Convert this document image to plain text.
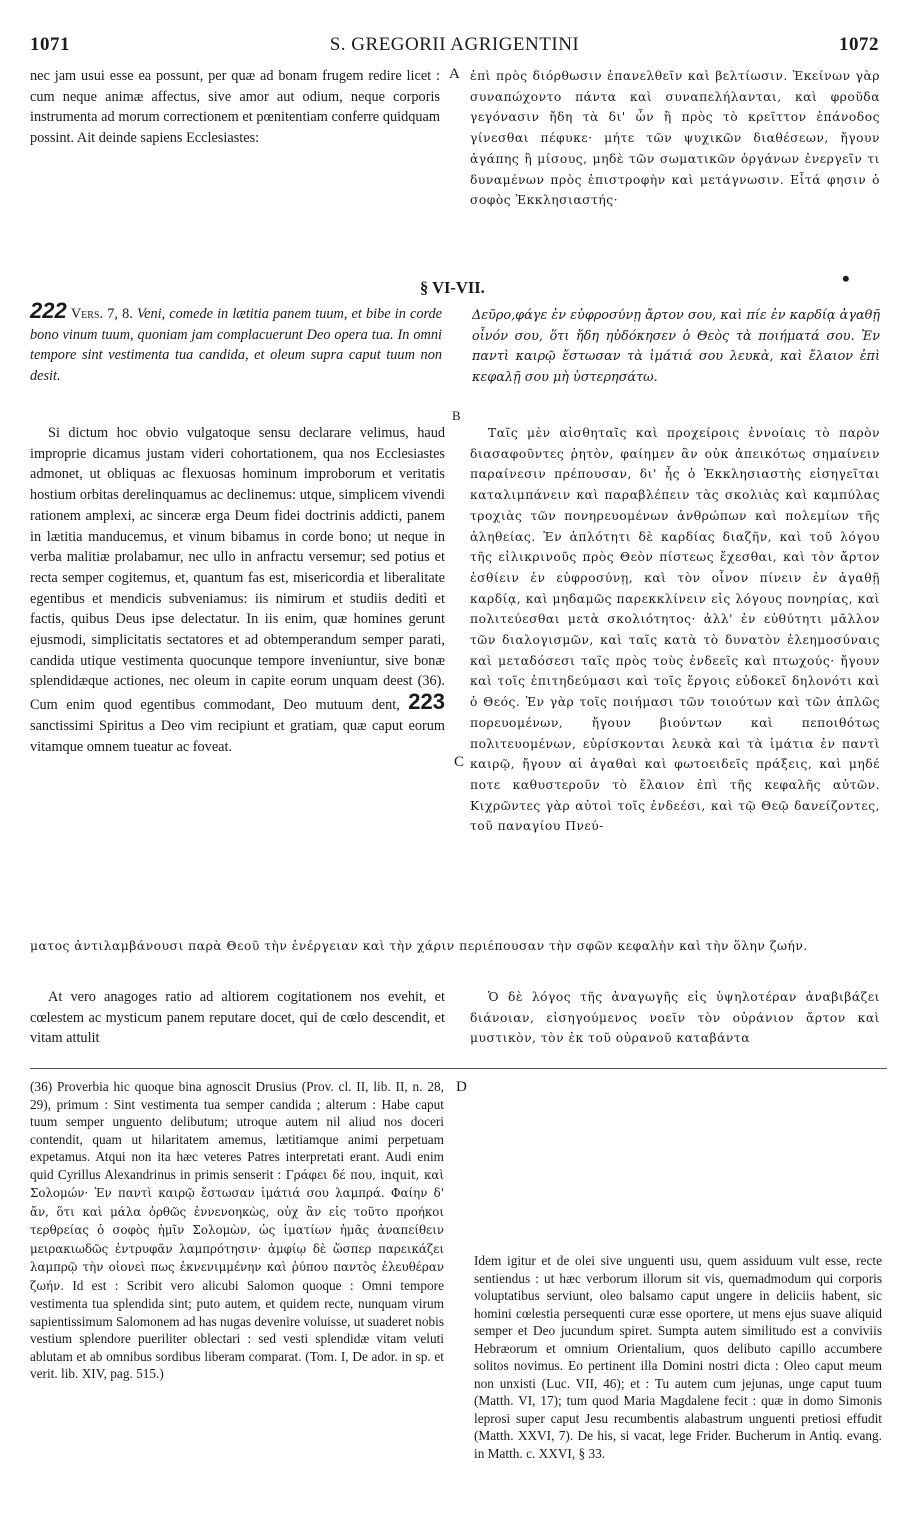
1071	S. GREGORII AGRIGENTINI	1072

nec jam usui esse ea possunt, per quæ ad bonam frugem redire licet : cum neque animæ affectus, sive amor aut odium, neque corporis instrumenta ad morum correctionem et pœnitentiam conferre quidquam possint. Ait deinde sapiens Ecclesiastes:

A ἐπὶ πρὸς διόρθωσιν ἐπανελθεῖν καὶ βελτίωσιν. Ἐκείνων γὰρ συναπώχοντο πάντα καὶ συναπελήλανται, καὶ φροῦδα γεγόνασιν ἤδη τὰ δι' ὧν ἢ πρὸς τὸ κρεῖττον ἐπάνοδος γίνεσθαι πέφυκε· μήτε τῶν ψυχικῶν διαθέσεων, ἤγουν ἀγάπης ἢ μίσους, μηδὲ τῶν σωματικῶν ὀργάνων ἐνεργεῖν τι δυναμένων πρὸς ἐπιστροφὴν καὶ μετάγνωσιν. Εἶτά φησιν ὁ σοφὸς Ἐκκλησιαστής·

§ VI-VII.	•

222 Vers. 7, 8. Veni, comede in lætitia panem tuum, et bibe in corde bono vinum tuum, quoniam jam complacuerunt Deo opera tua. In omni tempore sint vestimenta tua candida, et oleum supra caput tuum non desit.

Δεῦρο,φάγε ἐν εὐφροσύνῃ ἄρτον σου, καὶ πίε ἐν καρδίᾳ ἀγαθῇ οἶνόν σου, ὅτι ἤδη ηὐδόκησεν ὁ Θεὸς τὰ ποιήματά σου. Ἐν παντὶ καιρῷ ἔστωσαν τὰ ἱμάτιά σου λευκὰ, καὶ ἔλαιον ἐπὶ κεφαλῇ σου μὴ ὑστερησάτω.

B

Si dictum hoc obvio vulgatoque sensu declarare velimus, haud improprie dicamus justam videri cohortationem, qua nos Ecclesiastes admonet, ut obliquas ac flexuosas hominum improborum et veritatis hostium orbitas derelinquamus ac declinemus: utque, simplicem vivendi rationem amplexi, ac sinceræ erga Deum fidei doctrinis addicti, panem in lætitia manducemus, et vinum bibamus in corde bono; ut neque in verba malitiæ prolabamur, nec ullo in anfractu versemur; sed potius et recta semper cogitemus, et, quantum fas est, misericordia et liberalitate egentibus et mendicis subveniamus: iis nimirum et studiis deditì et factis, quibus Deus ipse delectatur. In iis enim, quæ homines gerunt ejusmodi, simplicitatis sectatores et ad obtemperandum semper parati, candida utique vestimenta quocunque tempore inveniuntur, sive bonæ splendidæque actiones, nec oleum in capite eorum unquam deest (36). Cum enim quod egentibus commodant, Deo mutuum dent, 223 sanctissimi Spiritus a Deo vim recipiunt et gratiam, quæ caput eorum vitamque omnem tueatur ac foveat.

Ταῖς μὲν αἰσθηταῖς καὶ προχείροις ἐννοίαις τὸ παρὸν διασαφοῦντες ῥητὸν, φαίημεν ἂν οὐκ ἀπεικότως σημαίνειν παραίνεσιν πρέπουσαν, δι' ἧς ὁ Ἐκκλησιαστὴς εἰσηγεῖται καταλιμπάνειν καὶ παραβλέπειν τὰς σκολιὰς καὶ καμπύλας τροχιὰς τῶν πονηρευομένων ἀνθρώπων καὶ πολεμίων τῆς ἀληθείας. Ἐν ἁπλότητι δὲ καρδίας διαζῆν, καὶ τοῦ λόγου τῆς εἰλικρινοῦς πρὸς Θεὸν πίστεως ἔχεσθαι, καὶ τὸν ἄρτον ἐσθίειν ἐν εὐφροσύνῃ, καὶ τὸν οἶνον πίνειν ἐν ἀγαθῇ καρδίᾳ, καὶ μηδαμῶς παρεκκλίνειν εἰς λόγους πονηρίας, καὶ πολιτεύεσθαι μετὰ σκολιότητος· ἀλλ' ἐν εὐθύτητι μᾶλλον τῶν διαλογισμῶν, καὶ ταῖς κατὰ τὸ δυνατὸν ἐλεημοσύναις καὶ μεταδόσεσι ταῖς πρὸς τοὺς ἐνδεεῖς καὶ πτωχούς· ἤγουν καὶ τοῖς ἐπιτηδεύμασι καὶ τοῖς ἔργοις εὐδοκεῖ δηλονότι καὶ ὁ Θεός. Ἐν γὰρ τοῖς ποιήμασι τῶν τοιούτων καὶ τῶν ἁπλῶς πορευομένων, ἤγουν βιούντων καὶ πεποιθότως πολιτευομένων, εὑρίσκονται λευκὰ καὶ τὰ ἱμάτια ἐν παντὶ καιρῷ, ἤγουν αἱ ἀγαθαὶ καὶ φωτοειδεῖς πράξεις, καὶ μηδέ ποτε καθυστεροῦν τὸ ἔλαιον ἐπὶ τῆς κεφαλῆς αὐτῶν. Κιχρῶντες γὰρ αὐτοὶ τοῖς ἐνδεέσι, καὶ τῷ Θεῷ δανείζοντες, τοῦ παναγίου Πνεύ-

C

ματος ἀντιλαμβάνουσι παρὰ Θεοῦ τὴν ἐνέργειαν καὶ τὴν χάριν περιέπουσαν τὴν σφῶν κεφαλὴν καὶ τὴν ὅλην ζωήν.

At vero anagoges ratio ad altiorem cogitationem nos evehit, et cœlestem ac mysticum panem reputare docet, qui de cœlo descendit, et vitam attulit

Ὁ δὲ λόγος τῆς ἀναγωγῆς εἰς ὑψηλοτέραν ἀναβιβάζει διάνοιαν, εἰσηγούμενος νοεῖν τὸν οὐράνιον ἄρτον καὶ μυστικὸν, τὸν ἐκ τοῦ οὐρανοῦ καταβάντα

D

(36) Proverbia hic quoque bina agnoscit Drusius (Prov. cl. II, lib. II, n. 28, 29), primum : Sint vestimenta tua semper candida ; alterum : Habe caput tuum semper unguento delibutum; utroque autem nil aliud nos doceri contendit, quam ut hilaritatem amemus, lætitiamque animi perpetuam expetamus. Atqui non ita hæc veteres Patres interpretati erant. Audi enim quid Cyrillus Alexandrinus in primis senserit : Γράφει δέ που, inquit, καὶ Σολομών· Ἐν παντὶ καιρῷ ἔστωσαν ἱμάτιά σου λαμπρά. Φαίην δ' ἄν, ὅτι καὶ μάλα ὀρθῶς ἐννενοηκὼς, οὐχ ἂν εἰς τοῦτο προήκοι τερθρείας ὁ σοφὸς ἡμῖν Σολομὼν, ὡς ἱματίων ἡμᾶς ἀναπείθειν μειρακιωδῶς ἐντρυφᾶν λαμπρότησιν· ἀμφίῳ δὲ ὥσπερ παρεικάζει λαμπρῷ τὴν οἱονεὶ πως ἐκνενιμμένην καὶ ῥύπου παντὸς ἐλευθέραν ζωήν. Id est : Scribit vero alicubi Salomon quoque : Omni tempore vestimenta tua splendida sint; puto autem, et quidem recte, nunquam virum sapientissimum Salomonem ad has nugas devenire voluisse, ut suaderet nobis vestium splendore pueriliter oblectari : sed vesti splendidæ vitam veluti ablutam et ab omnibus sordibus liberam comparat. (Tom. I, De ador. in sp. et verit. lib. XIV, pag. 515.)

Idem igitur et de olei sive unguenti usu, quem assiduum vult esse, recte sentiendus : ut hæc verborum illorum sit vis, quemadmodum qui corporis voluptatibus serviunt, oleo balsamo caput ungere in deliciis habent, sic homini cœlestia persequenti curæ esse oportere, ut mens ejus suave aliquid semper et Deo jucundum spiret. Sumpta autem similitudo est a conviviis Hebræorum et omnium Orientalium, quos delibuto capillo accumbere solitos novimus. Eo pertinent illa Domini nostri dicta : Oleo caput meum non unxisti (Luc. VII, 46); et : Tu autem cum jejunas, unge caput tuum (Matth. VI, 17); tum quod Maria Magdalene fecit : quæ in domo Simonis leprosi super caput Jesu recumbentis alabastrum unguenti pretiosi effudit (Matth. XXVI, 7). De his, si vacat, lege Frider. Bucherum in Antiq. evang. in Matth. c. XXVI, § 33.
